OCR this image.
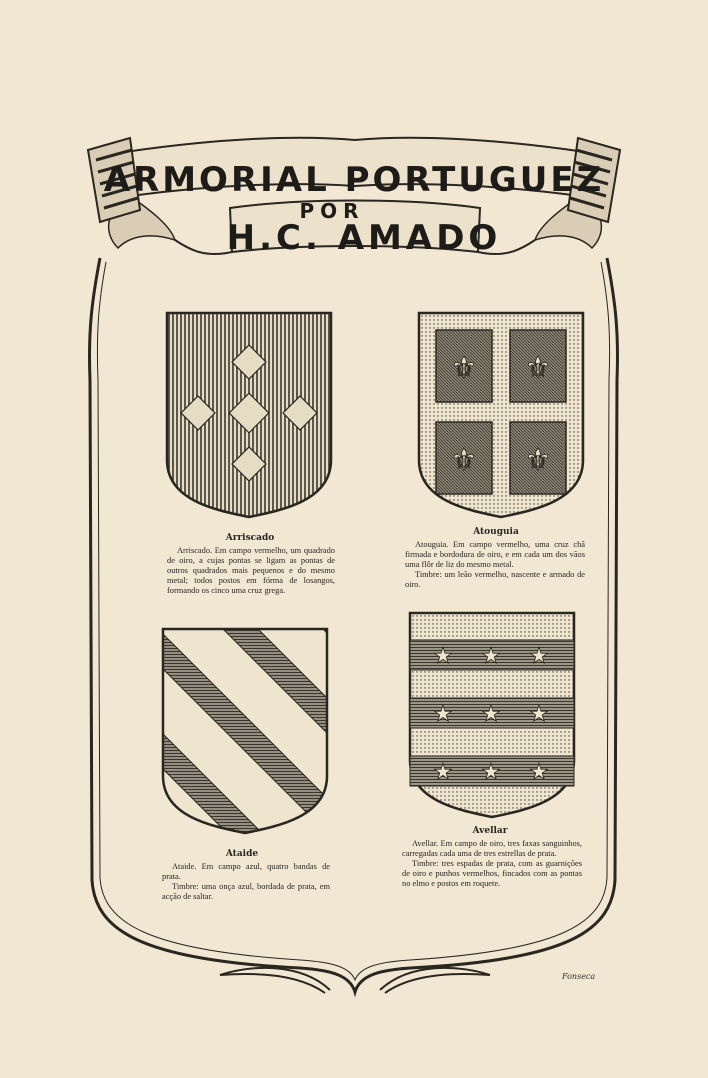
ARMORIAL PORTUGUEZ
POR
H.C. AMADO
⚜ ⚜
⚜ ⚜
★ ★ ★
★ ★ ★
★ ★ ★
Arriscado

Arriscado. Em campo vermelho, um quadrado de oiro, a cujas pontas se ligam as pontas de outros quadrados mais pequenos e do mesmo metal; todos postos em fórma de losangos, formando os cinco uma cruz grega.

Atouguia

Atouguia. Em campo vermelho, uma cruz chã firmada e bordodura de oiro, e em cada um dos vãos uma flôr de liz do mesmo metal.

Timbre: um leão vermelho, nascente e armado de oiro.

Ataide

Ataide. Em campo azul, quatro bandas de prata.

Timbre: uma onça azul, bordada de prata, em acção de saltar.

Avellar

Avellar. Em campo de oiro, tres faxas sanguinhos, carregadas cada uma de tres estrellas de prata.

Timbre: tres espadas de prata, com as guarnições de oiro e punhos vermelhos, fincados com as pontas no elmo e postos em roquete.

Fonseca
